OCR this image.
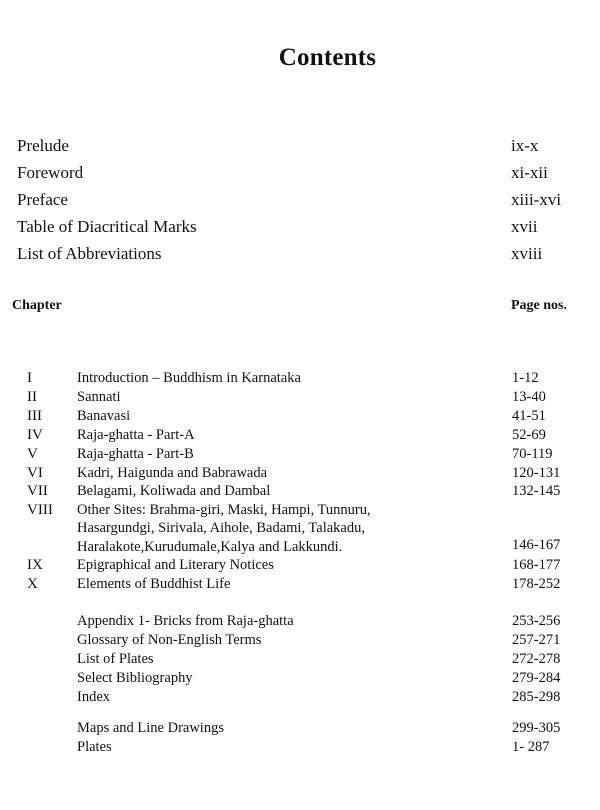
Contents
Prelude	ix-x
Foreword	xi-xii
Preface	xiii-xvi
Table of Diacritical Marks	xvii
List of Abbreviations	xviii
Chapter	Page nos.
I	Introduction – Buddhism in Karnataka	1-12
II	Sannati	13-40
III Banavasi	41-51
IV Raja-ghatta - Part-A	52-69
V	Raja-ghatta - Part-B	70-119
VI Kadri, Haigunda and Babrawada	120-131
VII Belagami, Koliwada and Dambal	132-145
VIII Other Sites: Brahma-giri, Maski, Hampi, Tunnuru,
Hasargundgi, Sirivala, Aihole, Badami, Talakadu,
Haralakote,Kurudumale,Kalya and Lakkundi.	146-167
IX Epigraphical and Literary Notices	168-177
X	Elements of Buddhist Life	178-252
Appendix 1- Bricks from Raja-ghatta	253-256
Glossary of Non-English Terms	257-271
List of Plates	272-278
Select Bibliography	279-284
Index	285-298
Maps and Line Drawings	299-305
Plates	1- 287
